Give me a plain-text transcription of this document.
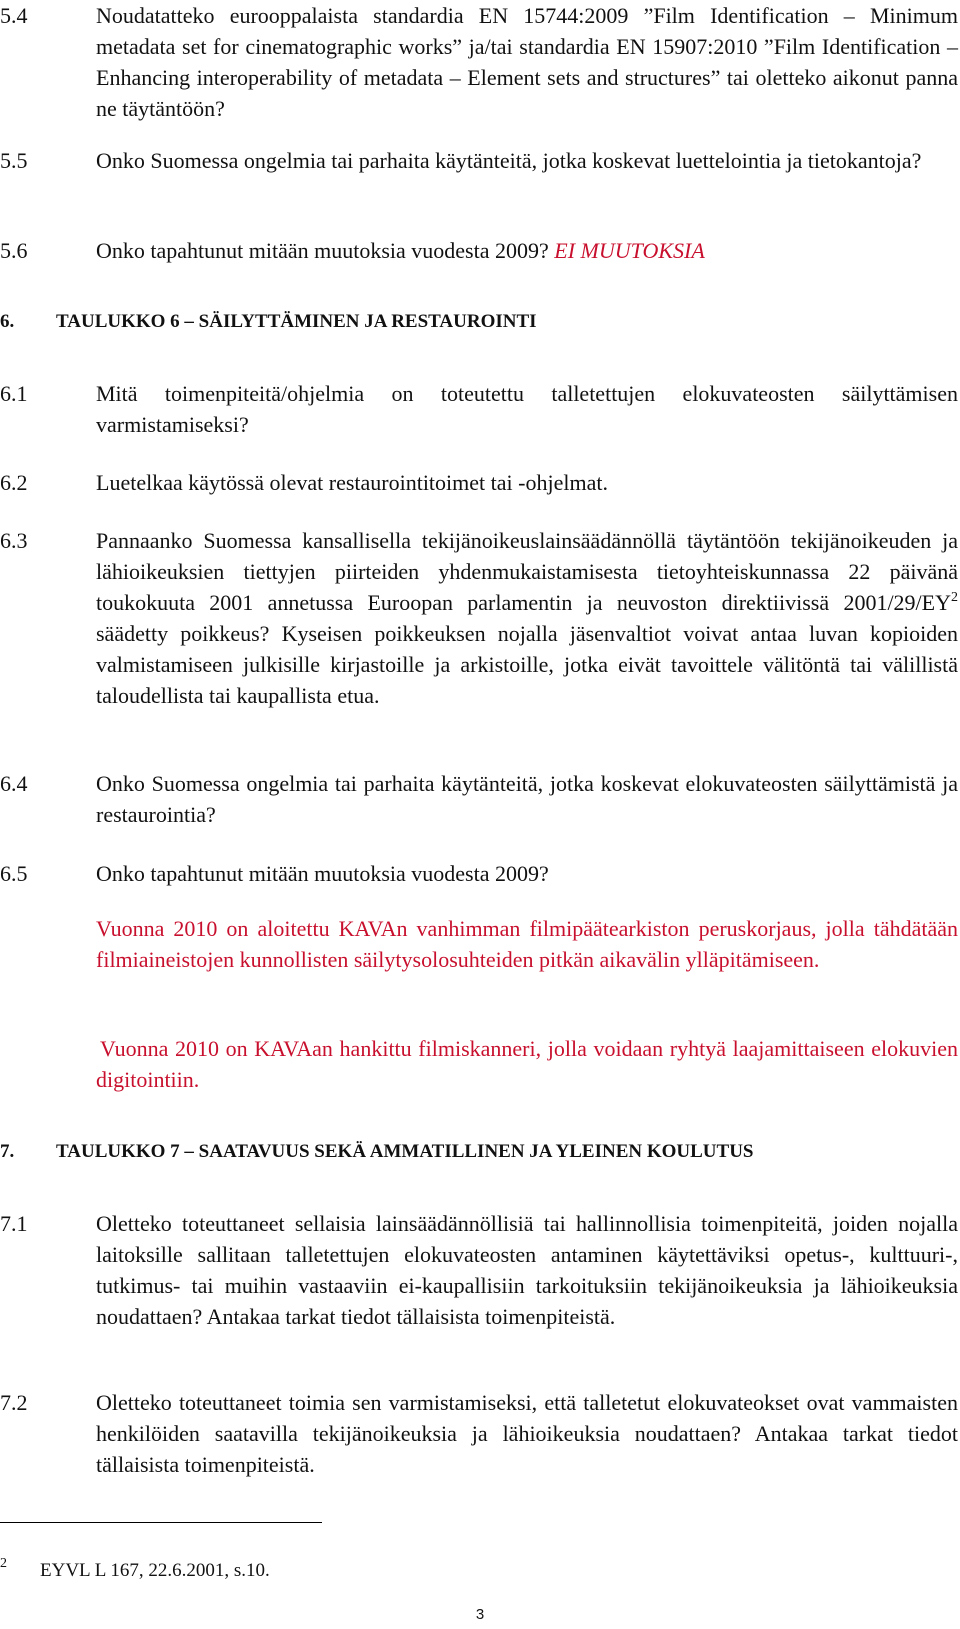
5.4	Noudatatteko eurooppalaista standardia EN 15744:2009 ”Film Identification – Minimum metadata set for cinematographic works” ja/tai standardia EN 15907:2010 ”Film Identification – Enhancing interoperability of metadata – Element sets and structures” tai oletteko aikonut panna ne täytäntöön?
5.5	Onko Suomessa ongelmia tai parhaita käytänteitä, jotka koskevat luettelointia ja tietokantoja?
5.6	Onko tapahtunut mitään muutoksia vuodesta 2009? EI MUUTOKSIA
6. TAULUKKO 6 – SÄILYTTÄMINEN JA RESTAUROINTI
6.1	Mitä toimenpiteitä/ohjelmia on toteutettu talletettujen elokuvateosten säilyttämisen varmistamiseksi?
6.2	Luetelkaa käytössä olevat restaurointitoimet tai -ohjelmat.
6.3	Pannaanko Suomessa kansallisella tekijänoikeuslainsäädännöllä täytäntöön tekijänoikeuden ja lähioikeuksien tiettyjen piirteiden yhdenmukaistamisesta tietoyhteiskunnassa 22 päivänä toukokuuta 2001 annetussa Euroopan parlamentin ja neuvoston direktiivissä $2001/29/EY^2$ säädetty poikkeus? Kyseisen poikkeuksen nojalla jäsenvaltiot voivat antaa luvan kopioiden valmistamiseen julkisille kirjastoille ja arkistoille, jotka eivät tavoittele välitöntä tai välillistä taloudellista tai kaupallista etua.
6.4	Onko Suomessa ongelmia tai parhaita käytänteitä, jotka koskevat elokuvateosten säilyttämistä ja restaurointia?
6.5	Onko tapahtunut mitään muutoksia vuodesta 2009?
Vuonna 2010 on aloitettu KAVAn vanhimman filmipäätearkiston peruskorjaus, jolla tähdätään filmiaineistojen kunnollisten säilytysolosuhteiden pitkän aikavälin ylläpitämiseen.
Vuonna 2010 on KAVAan hankittu filmiskanneri, jolla voidaan ryhtyä laajamittaiseen elokuvien digitointiin.
7. TAULUKKO 7 – SAATAVUUS SEKÄ AMMATILLINEN JA YLEINEN KOULUTUS
7.1	Oletteko toteuttaneet sellaisia lainsäädännöllisiä tai hallinnollisia toimenpiteitä, joiden nojalla laitoksille sallitaan talletettujen elokuvateosten antaminen käytettäviksi opetus-, kulttuuri-, tutkimus- tai muihin vastaaviin ei-kaupallisiin tarkoituksiin tekijänoikeuksia ja lähioikeuksia noudattaen? Antakaa tarkat tiedot tällaisista toimenpiteistä.
7.2	Oletteko toteuttaneet toimia sen varmistamiseksi, että talletetut elokuvateokset ovat vammaisten henkilöiden saatavilla tekijänoikeuksia ja lähioikeuksia noudattaen? Antakaa tarkat tiedot tällaisista toimenpiteistä.
2 EYVL L 167, 22.6.2001, s.10.
3
